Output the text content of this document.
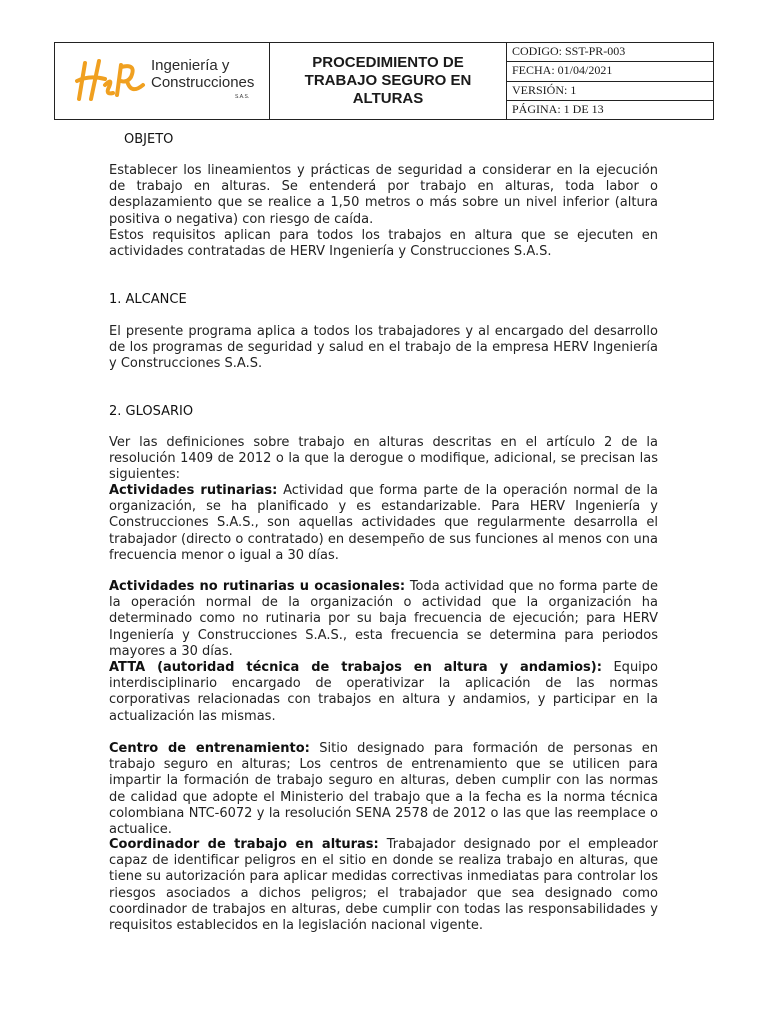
Ingeniería y
Construcciones
S.A.S.
PROCEDIMIENTO DE TRABAJO SEGURO EN ALTURAS
CODIGO: SST-PR-003
FECHA: 01/04/2021
VERSIÓN: 1
PÁGINA: 1 DE 13
OBJETO

Establecer los lineamientos y prácticas de seguridad a considerar en la ejecución de trabajo en alturas. Se entenderá por trabajo en alturas, toda labor o desplazamiento que se realice a 1,50 metros o más sobre un nivel inferior (altura positiva o negativa) con riesgo de caída.

Estos requisitos aplican para todos los trabajos en altura que se ejecuten en actividades contratadas de HERV Ingeniería y Construcciones S.A.S.

1. ALCANCE

El presente programa aplica a todos los trabajadores y al encargado del desarrollo de los programas de seguridad y salud en el trabajo de la empresa HERV Ingeniería y Construcciones S.A.S.

2. GLOSARIO
Ver las definiciones sobre trabajo en alturas descritas en el artículo 2 de la resolución 1409 de 2012 o la que la derogue o modifique, adicional, se precisan las siguientes:
Actividades rutinarias: Actividad que forma parte de la operación normal de la organización, se ha planificado y es estandarizable. Para HERV Ingeniería y Construcciones S.A.S., son aquellas actividades que regularmente desarrolla el trabajador (directo o contratado) en desempeño de sus funciones al menos con una frecuencia menor o igual a 30 días.
Actividades no rutinarias u ocasionales: Toda actividad que no forma parte de la operación normal de la organización o actividad que la organización ha determinado como no rutinaria por su baja frecuencia de ejecución; para HERV Ingeniería y Construcciones S.A.S., esta frecuencia se determina para periodos mayores a 30 días.
ATTA (autoridad técnica de trabajos en altura y andamios): Equipo interdisciplinario encargado de operativizar la aplicación de las normas corporativas relacionadas con trabajos en altura y andamios, y participar en la actualización las mismas.
Centro de entrenamiento: Sitio designado para formación de personas en trabajo seguro en alturas; Los centros de entrenamiento que se utilicen para impartir la formación de trabajo seguro en alturas, deben cumplir con las normas de calidad que adopte el Ministerio del trabajo que a la fecha es la norma técnica colombiana NTC-6072 y la resolución SENA 2578 de 2012 o las que las reemplace o actualice.
Coordinador de trabajo en alturas: Trabajador designado por el empleador capaz de identificar peligros en el sitio en donde se realiza trabajo en alturas, que tiene su autorización para aplicar medidas correctivas inmediatas para controlar los riesgos asociados a dichos peligros; el trabajador que sea designado como coordinador de trabajos en alturas, debe cumplir con todas las responsabilidades y requisitos establecidos en la legislación nacional vigente.
